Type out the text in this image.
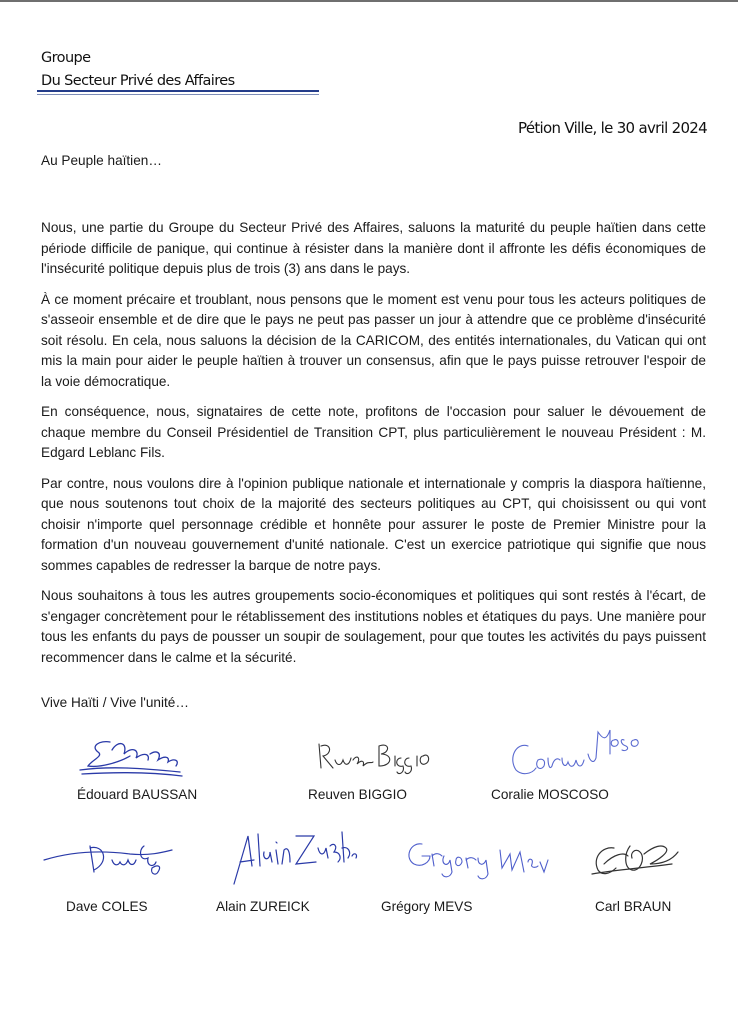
Groupe
Du Secteur Privé des Affaires
Pétion Ville, le 30 avril 2024
Au Peuple haïtien…

Nous, une partie du Groupe du Secteur Privé des Affaires, saluons la maturité du peuple haïtien dans cette période difficile de panique, qui continue à résister dans la manière dont il affronte les défis économiques de l'insécurité politique depuis plus de trois (3) ans dans le pays.

À ce moment précaire et troublant, nous pensons que le moment est venu pour tous les acteurs politiques de s'asseoir ensemble et de dire que le pays ne peut pas passer un jour à attendre que ce problème d'insécurité soit résolu. En cela, nous saluons la décision de la CARICOM, des entités internationales, du Vatican qui ont mis la main pour aider le peuple haïtien à trouver un consensus, afin que le pays puisse retrouver l'espoir de la voie démocratique.

En conséquence, nous, signataires de cette note, profitons de l'occasion pour saluer le dévouement de chaque membre du Conseil Présidentiel de Transition CPT, plus particulièrement le nouveau Président : M. Edgard Leblanc Fils.

Par contre, nous voulons dire à l'opinion publique nationale et internationale y compris la diaspora haïtienne, que nous soutenons tout choix de la majorité des secteurs politiques au CPT, qui choisissent ou qui vont choisir n'importe quel personnage crédible et honnête pour assurer le poste de Premier Ministre pour la formation d'un nouveau gouvernement d'unité nationale. C'est un exercice patriotique qui signifie que nous sommes capables de redresser la barque de notre pays.

Nous souhaitons à tous les autres groupements socio-économiques et politiques qui sont restés à l'écart, de s'engager concrètement pour le rétablissement des institutions nobles et étatiques du pays. Une manière pour tous les enfants du pays de pousser un soupir de soulagement, pour que toutes les activités du pays puissent recommencer dans le calme et la sécurité.

Vive Haïti / Vive l'unité…
Édouard BAUSSAN	Reuven BIGGIO	Coralie MOSCOSO
Dave COLES	Alain ZUREICK	Grégory MEVS	Carl BRAUN
